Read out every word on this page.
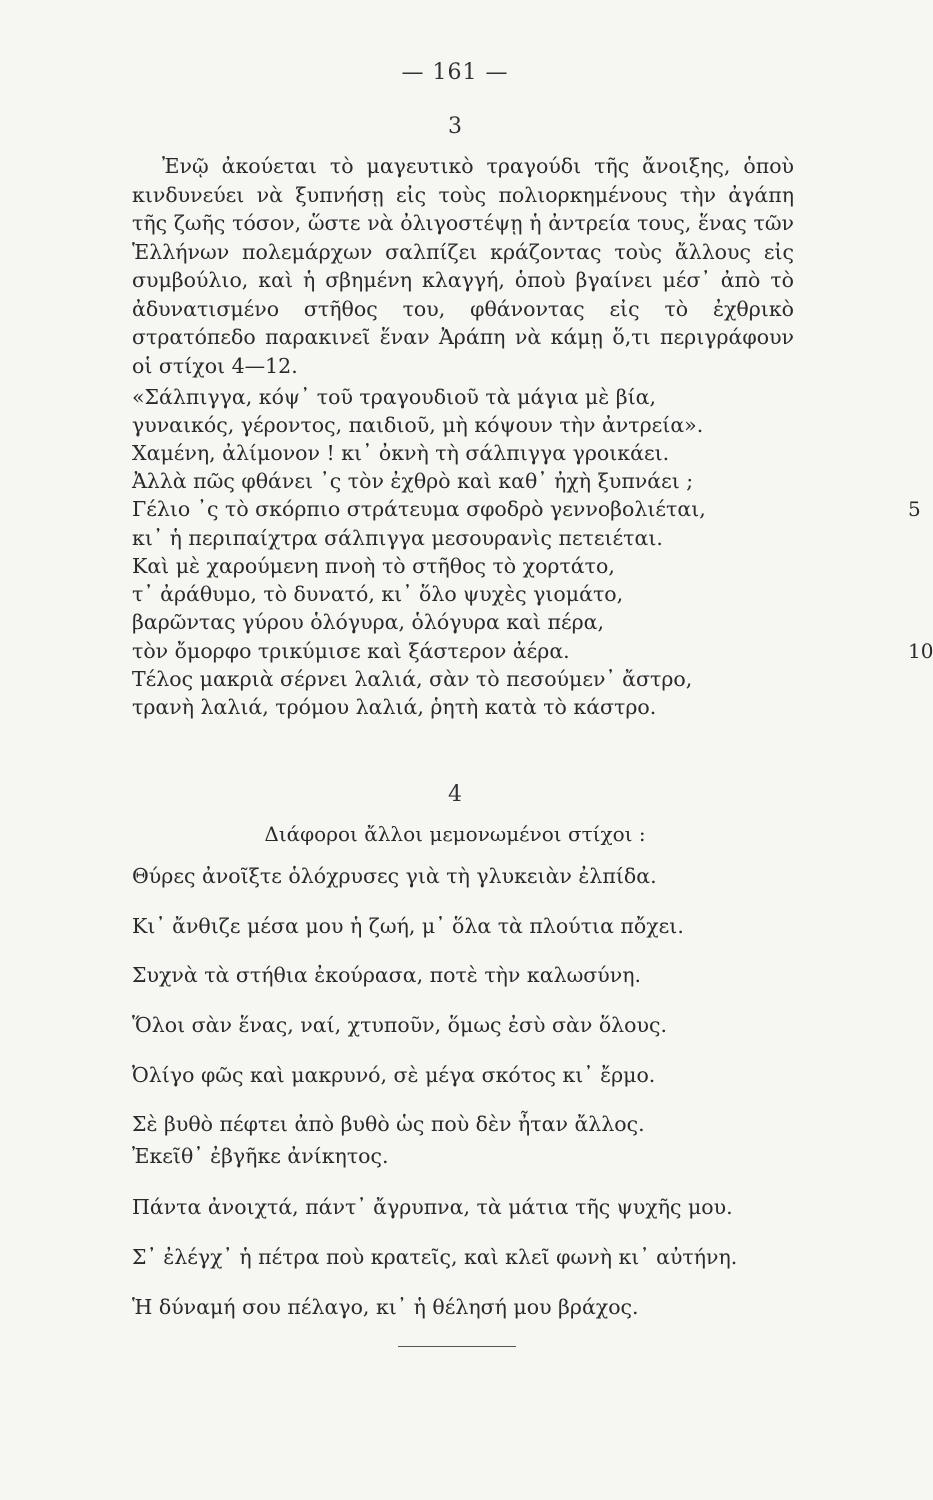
— 161 —
3
Ἐνῷ ἀκούεται τὸ μαγευτικὸ τραγούδι τῆς ἄνοιξης, ὁποὺ κινδυνεύει νὰ ξυπνήσῃ εἰς τοὺς πολιορκημένους τὴν ἀγάπη τῆς ζωῆς τόσον, ὥστε νὰ ὀλιγοστέψῃ ἡ ἀντρεία τους, ἕνας τῶν Ἑλλήνων πολεμάρχων σαλπίζει κράζοντας τοὺς ἄλλους εἰς συμβούλιο, καὶ ἡ σβημένη κλαγγή, ὁποὺ βγαίνει μέσ᾽ ἀπὸ τὸ ἀδυνατισμένο στῆθος του, φθάνοντας εἰς τὸ ἐχθρικὸ στρατόπεδο παρακινεῖ ἕναν Ἀράπη νὰ κάμῃ ὅ,τι περιγράφουν οἱ στίχοι 4—12.
«Σάλπιγγα, κόψ᾽ τοῦ τραγουδιοῦ τὰ μάγια μὲ βία,
γυναικός, γέροντος, παιδιοῦ, μὴ κόψουν τὴν ἀντρεία».
Χαμένη, ἀλίμονον ! κι᾽ ὀκνὴ τὴ σάλπιγγα γροικάει.
Ἀλλὰ πῶς φθάνει ᾽ς τὸν ἐχθρὸ καὶ καθ᾽ ἠχὴ ξυπνάει ;
Γέλιο ᾽ς τὸ σκόρπιο στράτευμα σφοδρὸ γεννοβολιέται,	5
κι᾽ ἡ περιπαίχτρα σάλπιγγα μεσουρανὶς πετειέται.
Καὶ μὲ χαρούμενη πνοὴ τὸ στῆθος τὸ χορτάτο,
τ᾽ ἀράθυμο, τὸ δυνατό, κι᾽ ὅλο ψυχὲς γιομάτο,
βαρῶντας γύρου ὁλόγυρα, ὁλόγυρα καὶ πέρα,
τὸν ὄμορφο τρικύμισε καὶ ξάστερον ἀέρα.	10
Τέλος μακριὰ σέρνει λαλιά, σὰν τὸ πεσούμεν᾽ ἄστρο,
τρανὴ λαλιά, τρόμου λαλιά, ῥητὴ κατὰ τὸ κάστρο.
4
Διάφοροι ἄλλοι μεμονωμένοι στίχοι :
Θύρες ἀνοῖξτε ὁλόχρυσες γιὰ τὴ γλυκειὰν ἐλπίδα.
Κι᾽ ἄνθιζε μέσα μου ἡ ζωή, μ᾽ ὅλα τὰ πλούτια πὄχει.
Συχνὰ τὰ στήθια ἐκούρασα, ποτὲ τὴν καλωσύνη.
Ὅλοι σὰν ἕνας, ναί, χτυποῦν, ὅμως ἐσὺ σὰν ὅλους.
Ὀλίγο φῶς καὶ μακρυνό, σὲ μέγα σκότος κι᾽ ἔρμο.
Σὲ βυθὸ πέφτει ἀπὸ βυθὸ ὡς ποὺ δὲν ἦταν ἄλλος.
Ἐκεῖθ᾽ ἐβγῆκε ἀνίκητος.
Πάντα ἀνοιχτά, πάντ᾽ ἄγρυπνα, τὰ μάτια τῆς ψυχῆς μου.
Σ᾽ ἐλέγχ᾽ ἡ πέτρα ποὺ κρατεῖς, καὶ κλεῖ φωνὴ κι᾽ αὐτήνη.
Ἡ δύναμή σου πέλαγο, κι᾽ ἡ θέλησή μου βράχος.
